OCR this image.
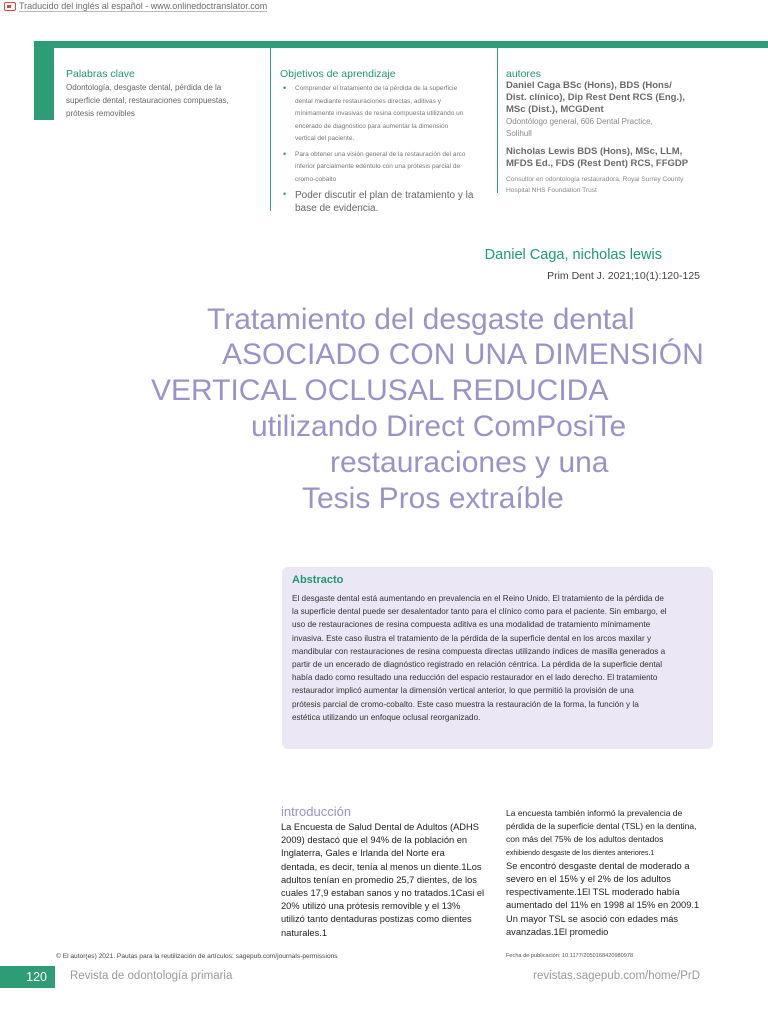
Traducido del inglés al español - www.onlinedoctranslator.com
Palabras clave
Odontología, desgaste dental, pérdida de la
superficie dental, restauraciones compuestas,
prótesis removibles
Objetivos de aprendizaje
• Comprender el tratamiento de la pérdida de la superficie dental mediante restauraciones directas, aditivas y mínimamente invasivas de resina compuesta utilizando un encerado de diagnóstico para aumentar la dimensión vertical del paciente.
• Para obtener una visión general de la restauración del arco inferior parcialmente edéntulo con una prótesis parcial de cromo-cobalto
• Poder discutir el plan de tratamiento y la base de evidencia.
autores
Daniel Caga BSc (Hons), BDS (Hons/
Dist. clínico), Dip Rest Dent RCS (Eng.),
MSc (Dist.), MCGDent
Odontólogo general, 606 Dental Practice,
Solihull
Nicholas Lewis BDS (Hons), MSc, LLM,
MFDS Ed., FDS (Rest Dent) RCS, FFGDP
Consultor en odontología restauradora, Royal Surrey County
Hospital NHS Foundation Trust
Daniel Caga, nicholas lewis
Prim Dent J. 2021;10(1):120-125
Tratamiento del desgaste dental
ASOCIADO CON UNA DIMENSIÓN
VERTICAL OCLUSAL REDUCIDA
utilizando Direct ComPosiTe
restauraciones y una
Tesis Pros extraíble
Abstracto
El desgaste dental está aumentando en prevalencia en el Reino Unido. El tratamiento de la pérdida de
la superficie dental puede ser desalentador tanto para el clínico como para el paciente. Sin embargo, el
uso de restauraciones de resina compuesta aditiva es una modalidad de tratamiento mínimamente
invasiva. Este caso ilustra el tratamiento de la pérdida de la superficie dental en los arcos maxilar y
mandibular con restauraciones de resina compuesta directas utilizando índices de masilla generados a
partir de un encerado de diagnóstico registrado en relación céntrica. La pérdida de la superficie dental
había dado como resultado una reducción del espacio restaurador en el lado derecho. El tratamiento
restaurador implicó aumentar la dimensión vertical anterior, lo que permitió la provisión de una
prótesis parcial de cromo-cobalto. Este caso muestra la restauración de la forma, la función y la
estética utilizando un enfoque oclusal reorganizado.
introducción
La Encuesta de Salud Dental de Adultos (ADHS
2009) destacó que el 94% de la población en
Inglaterra, Gales e Irlanda del Norte era
dentada, es decir, tenía al menos un diente.1Los
adultos tenían en promedio 25,7 dientes, de los
cuales 17,9 estaban sanos y no tratados.1Casi el
20% utilizó una prótesis removible y el 13%
utilizó tanto dentaduras postizas como dientes
naturales.1
La encuesta también informó la prevalencia de
pérdida de la superficie dental (TSL) en la dentina,
con más del 75% de los adultos dentados
exhibiendo desgaste de los dientes anteriores.1
Se encontró desgaste dental de moderado a
severo en el 15% y el 2% de los adultos
respectivamente.1El TSL moderado había
aumentado del 11% en 1998 al 15% en 2009.1
Un mayor TSL se asoció con edades más
avanzadas.1El promedio
© El autor(es) 2021. Pautas para la reutilización de artículos: sagepub.com/journals-permissions	Fecha de publicación: 10.1177/2050168420980978
120	Revista de odontología primaria	revistas.sagepub.com/home/PrD
